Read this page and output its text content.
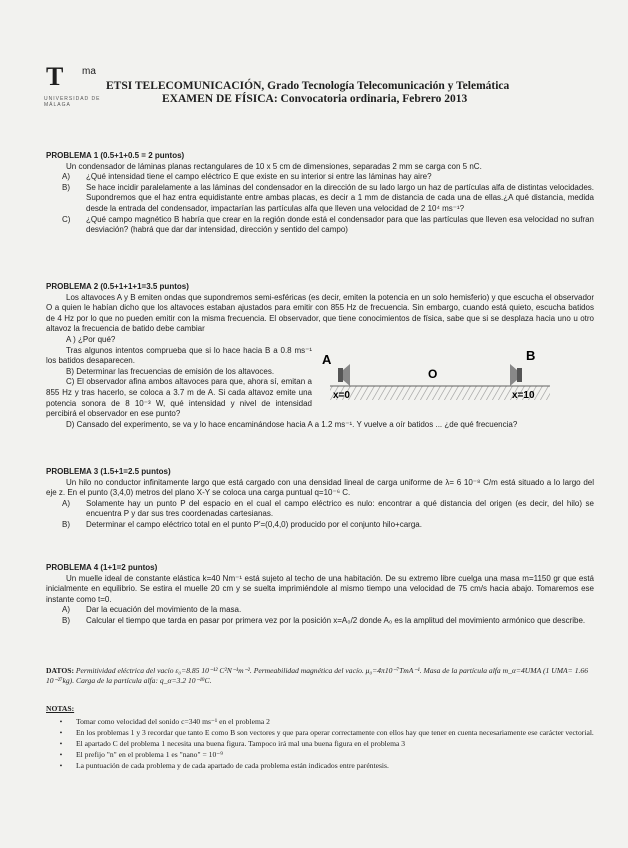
T ma
UNIVERSIDAD DE MÁLAGA
ETSI TELECOMUNICACIÓN, Grado Tecnología Telecomunicación y Telemática
EXAMEN DE FÍSICA: Convocatoria ordinaria, Febrero 2013
PROBLEMA 1 (0.5+1+0.5 = 2 puntos)
Un condensador de láminas planas rectangulares de 10 x 5 cm de dimensiones, separadas 2 mm se carga con 5 nC.
A)	¿Qué intensidad tiene el campo eléctrico E que existe en su interior si entre las láminas hay aire?
B)	Se hace incidir paralelamente a las láminas del condensador en la dirección de su lado largo un haz de partículas alfa de distintas velocidades. Supondremos que el haz entra equidistante entre ambas placas, es decir a 1 mm de distancia de cada una de ellas.¿A qué distancia, medida desde la entrada del condensador, impactarían las partículas alfa que lleven una velocidad de 2 10⁴ ms⁻¹?
C)	¿Qué campo magnético B habría que crear en la región donde está el condensador para que las partículas que lleven esa velocidad no sufran desviación? (habrá que dar dar intensidad, dirección y sentido del campo)
PROBLEMA 2 (0.5+1+1+1=3.5 puntos)
Los altavoces A y B emiten ondas que supondremos semi-esféricas (es decir, emiten la potencia en un solo hemisferio) y que escucha el observador O a quien le habían dicho que los altavoces estaban ajustados para emitir con 855 Hz de frecuencia. Sin embargo, cuando está quieto, escucha batidos de 4 Hz por lo que no pueden emitir con la misma frecuencia. El observador, que tiene conocimientos de física, sabe que si se desplaza hacia uno u otro altavoz la frecuencia de batido debe cambiar
A ) ¿Por qué?
Tras algunos intentos comprueba que si lo hace hacia B a 0.8 ms⁻¹ los batidos desaparecen.
B) Determinar las frecuencias de emisión de los altavoces.
C) El observador afina ambos altavoces para que, ahora sí, emitan a 855 Hz y tras hacerlo, se coloca a 3.7 m de A. Si cada altavoz emite una potencia sonora de 8 10⁻³ W, qué intensidad y nivel de intensidad percibirá el observador en ese punto?
D) Cansado del experimento, se va y lo hace encaminándose hacia A a 1.2 ms⁻¹. Y vuelve a oír batidos ... ¿de qué frecuencia?
A
O
B
x=0	x=10
PROBLEMA 3 (1.5+1=2.5 puntos)
Un hilo no conductor infinitamente largo que está cargado con una densidad lineal de carga uniforme de λ= 6 10⁻⁸ C/m está situado a lo largo del eje z. En el punto (3,4,0) metros del plano X-Y se coloca una carga puntual q=10⁻⁶ C.
A)	Solamente hay un punto P del espacio en el cual el campo eléctrico es nulo: encontrar a qué distancia del origen (es decir, del hilo) se encuentra P y dar sus tres coordenadas cartesianas.
B)	Determinar el campo eléctrico total en el punto P'=(0,4,0) producido por el conjunto hilo+carga.
PROBLEMA 4 (1+1=2 puntos)
Un muelle ideal de constante elástica k=40 Nm⁻¹ está sujeto al techo de una habitación. De su extremo libre cuelga una masa m=1150 gr que está inicialmente en equilibrio. Se estira el muelle 20 cm y se suelta imprimiéndole al mismo tiempo una velocidad de 75 cm/s hacia abajo. Tomaremos ese instante como t=0.
A)	Dar la ecuación del movimiento de la masa.
B)	Calcular el tiempo que tarda en pasar por primera vez por la posición x=A₀/2 donde A₀ es la amplitud del movimiento armónico que describe.
DATOS: Permitividad eléctrica del vacío ε₀=8.85 10⁻¹² C²N⁻¹m⁻². Permeabilidad magnética del vacío. μ₀=4π10⁻⁷TmA⁻¹. Masa de la partícula alfa m_α=4UMA (1 UMA= 1.66 10⁻²⁷kg). Carga de la partícula alfa: q_α=3.2 10⁻¹⁹C.
NOTAS:
•	Tomar como velocidad del sonido c=340 ms⁻¹ en el problema 2
•	En los problemas 1 y 3 recordar que tanto E como B son vectores y que para operar correctamente con ellos hay que tener en cuenta necesariamente ese carácter vectorial.
•	El apartado C del problema 1 necesita una buena figura. Tampoco irá mal una buena figura en el problema 3
•	El prefijo "n" en el problema 1 es "nano" = 10⁻⁹
•	La puntuación de cada problema y de cada apartado de cada problema están indicados entre paréntesis.
